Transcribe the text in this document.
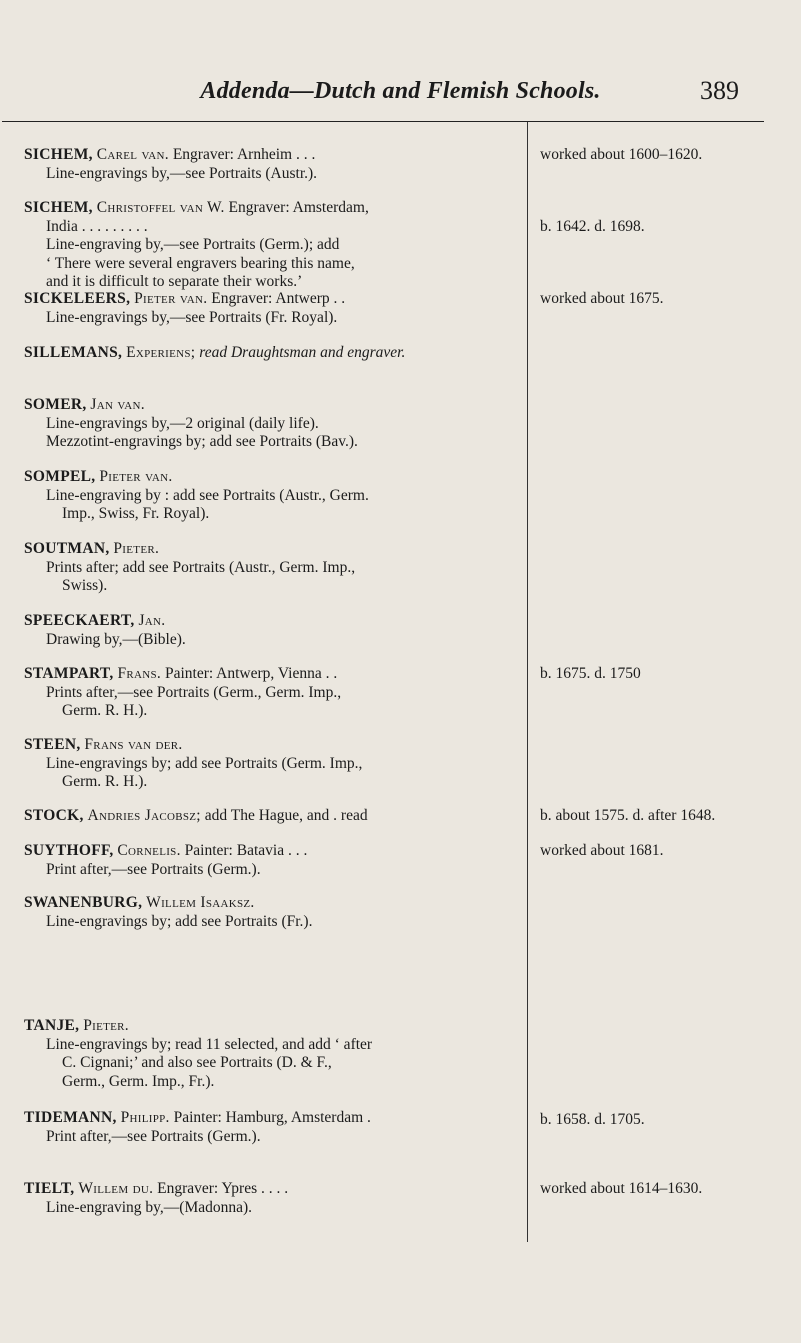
Addenda—Dutch and Flemish Schools.	389
SICHEM, Carel van. Engraver: Arnheim . . .
Line-engravings by,—see Portraits (Austr.).
worked about 1600–1620.
SICHEM, Christoffel van W. Engraver: Amsterdam,
India . . . . . . . . .
Line-engraving by,—see Portraits (Germ.); add
‘ There were several engravers bearing this name,
and it is difficult to separate their works.’
b. 1642. d. 1698.
SICKELEERS, Pieter van. Engraver: Antwerp . .
Line-engravings by,—see Portraits (Fr. Royal).
worked about 1675.
SILLEMANS, Experiens; read Draughtsman and engraver.
SOMER, Jan van.
Line-engravings by,—2 original (daily life).
Mezzotint-engravings by; add see Portraits (Bav.).
SOMPEL, Pieter van.
Line-engraving by : add see Portraits (Austr., Germ.
Imp., Swiss, Fr. Royal).
SOUTMAN, Pieter.
Prints after; add see Portraits (Austr., Germ. Imp.,
Swiss).
SPEECKAERT, Jan.
Drawing by,—(Bible).
STAMPART, Frans. Painter: Antwerp, Vienna . .
Prints after,—see Portraits (Germ., Germ. Imp.,
Germ. R. H.).
b. 1675. d. 1750
STEEN, Frans van der.
Line-engravings by; add see Portraits (Germ. Imp.,
Germ. R. H.).
STOCK, Andries Jacobsz; add The Hague, and . read	b. about 1575. d. after 1648.
SUYTHOFF, Cornelis. Painter: Batavia . . .
Print after,—see Portraits (Germ.).
worked about 1681.
SWANENBURG, Willem Isaaksz.
Line-engravings by; add see Portraits (Fr.).
TANJE, Pieter.
Line-engravings by; read 11 selected, and add ‘ after
C. Cignani;’ and also see Portraits (D. & F.,
Germ., Germ. Imp., Fr.).
TIDEMANN, Philipp. Painter: Hamburg, Amsterdam .
Print after,—see Portraits (Germ.).
b. 1658. d. 1705.
TIELT, Willem du. Engraver: Ypres . . . .
Line-engraving by,—(Madonna).
worked about 1614–1630.
